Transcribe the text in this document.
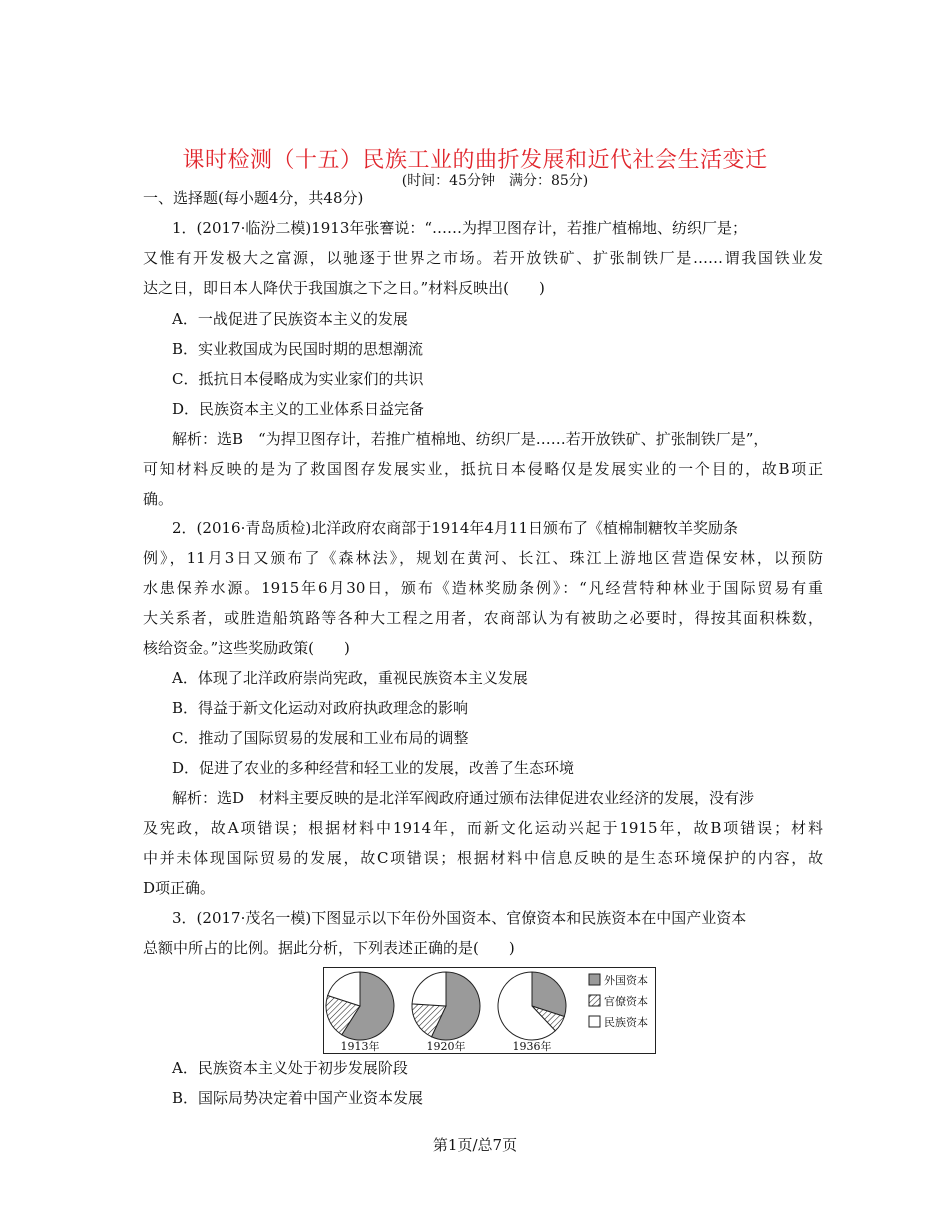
课时检测（十五）民族工业的曲折发展和近代社会生活变迁
(时间：45分钟　满分：85分)
一、选择题(每小题4分，共48分)
1．(2017·临汾二模)1913年张謇说：“……为捍卫图存计，若推广植棉地、纺织厂是；
又惟有开发极大之富源，以驰逐于世界之市场。若开放铁矿、扩张制铁厂是……谓我国铁业发
达之日，即日本人降伏于我国旗之下之日。”材料反映出(　　)
A．一战促进了民族资本主义的发展
B．实业救国成为民国时期的思想潮流
C．抵抗日本侵略成为实业家们的共识
D．民族资本主义的工业体系日益完备
解析：选B　“为捍卫图存计，若推广植棉地、纺织厂是……若开放铁矿、扩张制铁厂是”，
可知材料反映的是为了救国图存发展实业，抵抗日本侵略仅是发展实业的一个目的，故B项正
确。
2．(2016·青岛质检)北洋政府农商部于1914年4月11日颁布了《植棉制糖牧羊奖励条
例》，11月3日又颁布了《森林法》，规划在黄河、长江、珠江上游地区营造保安林，以预防
水患保养水源。1915年6月30日，颁布《造林奖励条例》：“凡经营特种林业于国际贸易有重
大关系者，或胜造船筑路等各种大工程之用者，农商部认为有被助之必要时，得按其面积株数，
核给资金。”这些奖励政策(　　)
A．体现了北洋政府崇尚宪政，重视民族资本主义发展
B．得益于新文化运动对政府执政理念的影响
C．推动了国际贸易的发展和工业布局的调整
D．促进了农业的多种经营和轻工业的发展，改善了生态环境
解析：选D　材料主要反映的是北洋军阀政府通过颁布法律促进农业经济的发展，没有涉
及宪政，故A项错误；根据材料中1914年，而新文化运动兴起于1915年，故B项错误；材料
中并未体现国际贸易的发展，故C项错误；根据材料中信息反映的是生态环境保护的内容，故
D项正确。
3．(2017·茂名一模)下图显示以下年份外国资本、官僚资本和民族资本在中国产业资本
总额中所占的比例。据此分析，下列表述正确的是(　　)
1913年	1920年	1936年
外国资本
官僚资本
民族资本
A．民族资本主义处于初步发展阶段
B．国际局势决定着中国产业资本发展
第1页/总7页
